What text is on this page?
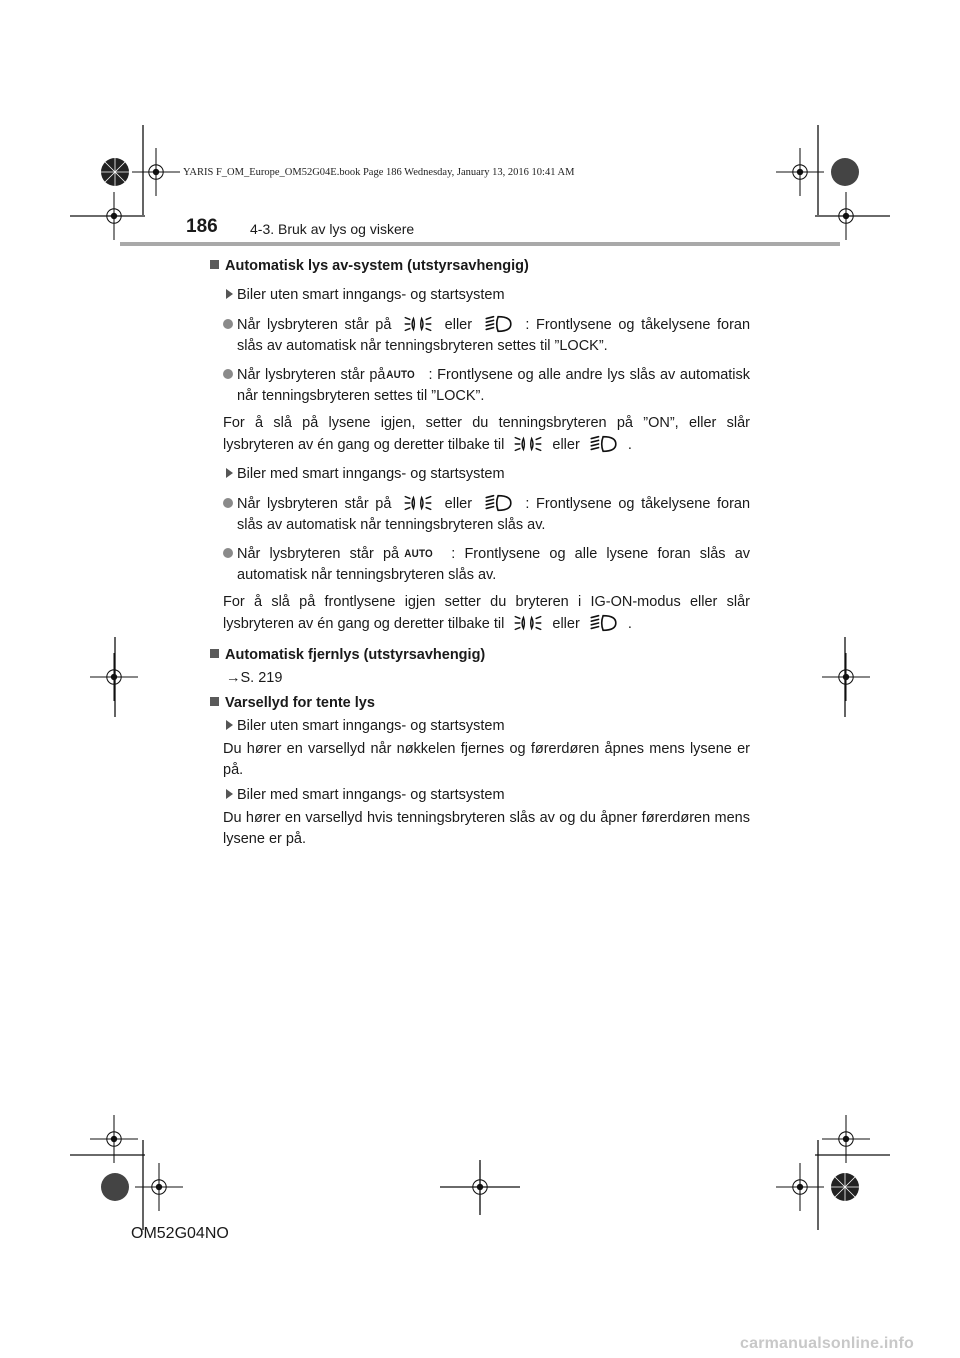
YARIS F_OM_Europe_OM52G04E.book Page 186 Wednesday, January 13, 2016 10:41 AM
186 4-3. Bruk av lys og viskere
Automatisk lys av-system (utstyrsavhengig)
Biler uten smart inngangs- og startsystem
Når lysbryteren står på	eller	: Frontlysene og tåkelysene foran slås av automatisk når tenningsbryteren settes til ”LOCK”.
Når lysbryteren står på AUTO : Frontlysene og alle andre lys slås av automatisk når tenningsbryteren settes til ”LOCK”.
For å slå på lysene igjen, setter du tenningsbryteren på ”ON”, eller slår lysbryteren av én gang og deretter tilbake til	eller	.
Biler med smart inngangs- og startsystem
Når lysbryteren står på	eller	: Frontlysene og tåkelysene foran slås av automatisk når tenningsbryteren slås av.
Når lysbryteren står på AUTO : Frontlysene og alle lysene foran slås av automatisk når tenningsbryteren slås av.
For å slå på frontlysene igjen setter du bryteren i IG-ON-modus eller slår lysbryteren av én gang og deretter tilbake til	eller	.
Automatisk fjernlys (utstyrsavhengig)
→S. 219
Varsellyd for tente lys
Biler uten smart inngangs- og startsystem
Du hører en varsellyd når nøkkelen fjernes og førerdøren åpnes mens lysene er på.
Biler med smart inngangs- og startsystem
Du hører en varsellyd hvis tenningsbryteren slås av og du åpner førerdøren mens lysene er på.
OM52G04NO
carmanualsonline.info
